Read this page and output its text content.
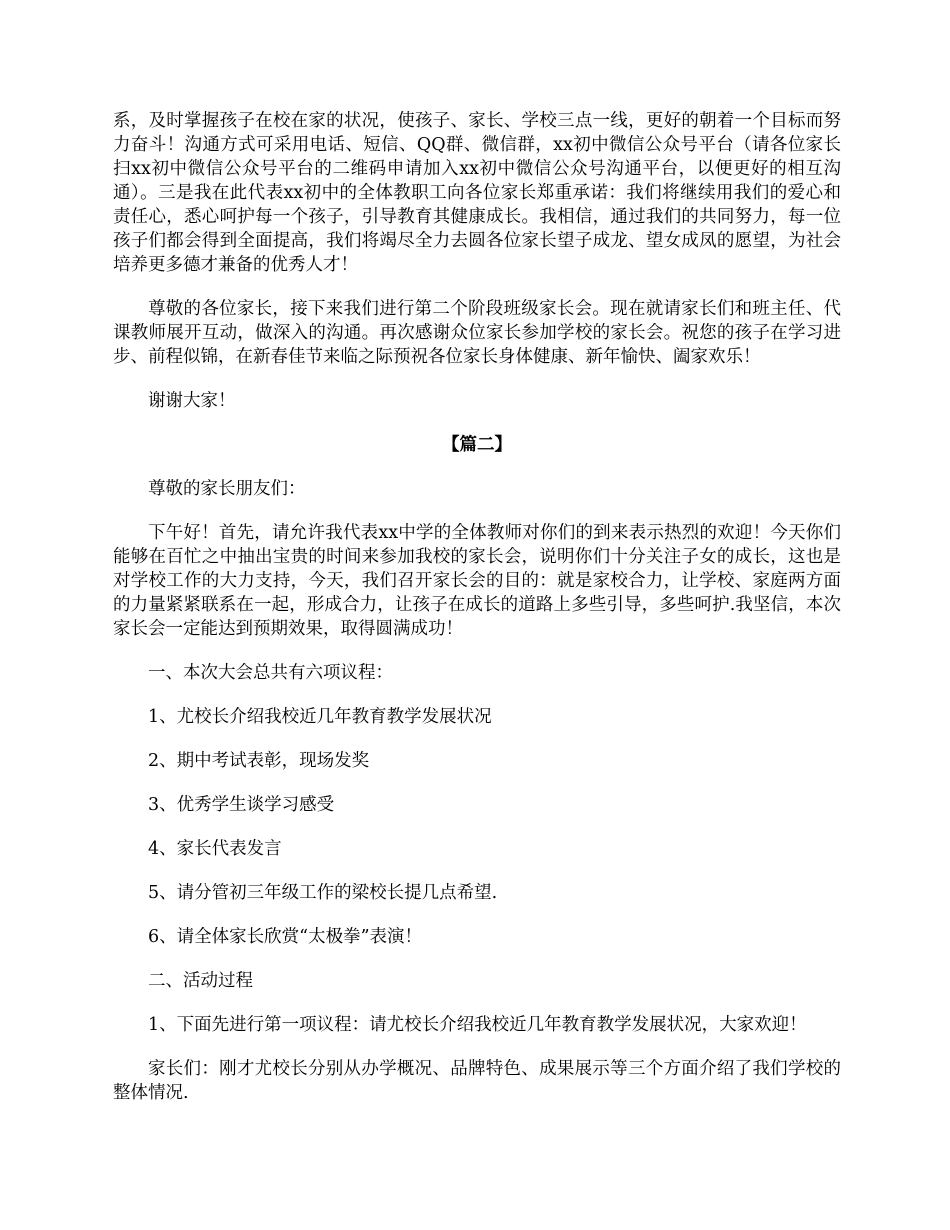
系，及时掌握孩子在校在家的状况，使孩子、家长、学校三点一线，更好的朝着一个目标而努力奋斗！沟通方式可采用电话、短信、QQ群、微信群，xx初中微信公众号平台（请各位家长扫xx初中微信公众号平台的二维码申请加入xx初中微信公众号沟通平台，以便更好的相互沟通）。三是我在此代表xx初中的全体教职工向各位家长郑重承诺：我们将继续用我们的爱心和责任心，悉心呵护每一个孩子，引导教育其健康成长。我相信，通过我们的共同努力，每一位孩子们都会得到全面提高，我们将竭尽全力去圆各位家长望子成龙、望女成凤的愿望，为社会培养更多德才兼备的优秀人才！

尊敬的各位家长，接下来我们进行第二个阶段班级家长会。现在就请家长们和班主任、代课教师展开互动，做深入的沟通。再次感谢众位家长参加学校的家长会。祝您的孩子在学习进步、前程似锦，在新春佳节来临之际预祝各位家长身体健康、新年愉快、阖家欢乐！

谢谢大家！

【篇二】

尊敬的家长朋友们：

下午好！首先，请允许我代表xx中学的全体教师对你们的到来表示热烈的欢迎！今天你们能够在百忙之中抽出宝贵的时间来参加我校的家长会，说明你们十分关注子女的成长，这也是对学校工作的大力支持，今天，我们召开家长会的目的：就是家校合力，让学校、家庭两方面的力量紧紧联系在一起，形成合力，让孩子在成长的道路上多些引导，多些呵护.我坚信，本次家长会一定能达到预期效果，取得圆满成功！

一、本次大会总共有六项议程：

1、尤校长介绍我校近几年教育教学发展状况

2、期中考试表彰，现场发奖

3、优秀学生谈学习感受

4、家长代表发言

5、请分管初三年级工作的梁校长提几点希望.

6、请全体家长欣赏“太极拳”表演！

二、活动过程

1、下面先进行第一项议程：请尤校长介绍我校近几年教育教学发展状况，大家欢迎！

家长们：刚才尤校长分别从办学概况、品牌特色、成果展示等三个方面介绍了我们学校的整体情况.
